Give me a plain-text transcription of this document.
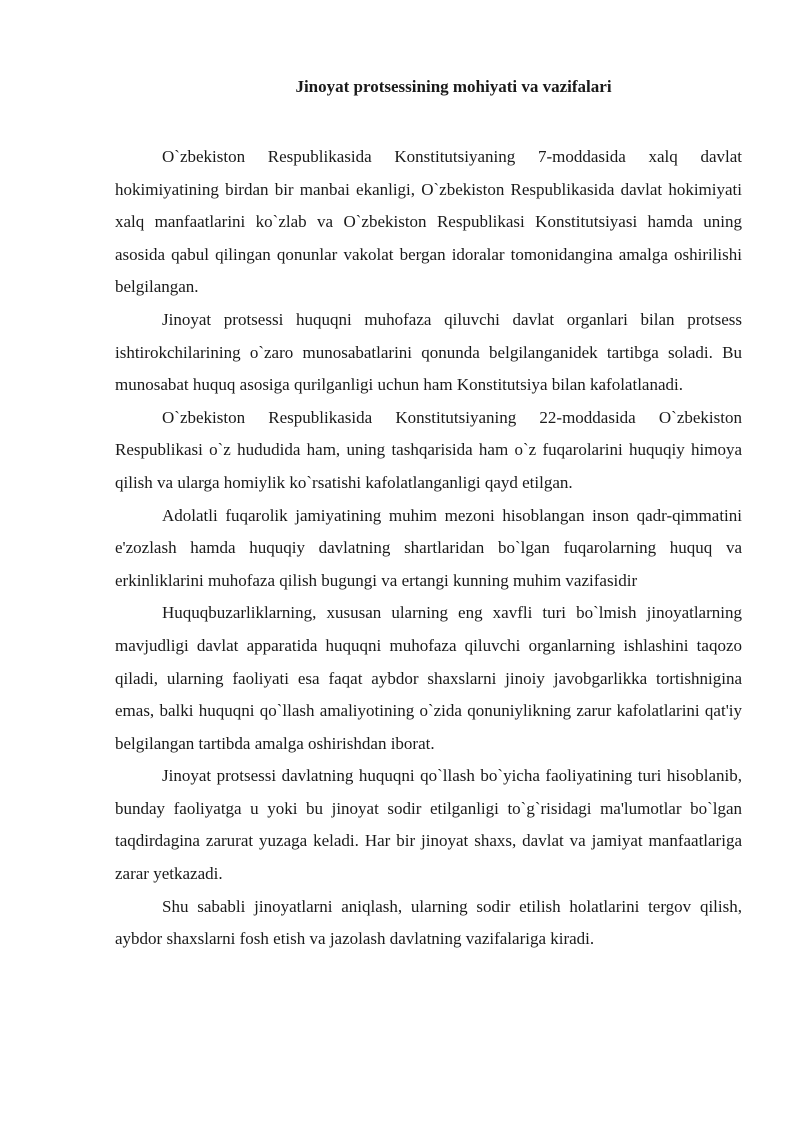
Jinoyat protsessining mohiyati va vazifalari

O`zbekiston Respublikasida Konstitutsiyaning 7-moddasida xalq davlat hokimiyatining birdan bir manbai ekanligi, O`zbekiston Respublikasida davlat hokimiyati xalq manfaatlarini ko`zlab va O`zbekiston Respublikasi Konstitutsiyasi hamda uning asosida qabul qilingan qonunlar vakolat bergan idoralar tomonidangina amalga oshirilishi belgilangan.

Jinoyat protsessi huquqni muhofaza qiluvchi davlat organlari bilan protsess ishtirokchilarining o`zaro munosabatlarini qonunda belgilanganidek tartibga soladi. Bu munosabat huquq asosiga qurilganligi uchun ham Konstitutsiya bilan kafolatlanadi.

O`zbekiston Respublikasida Konstitutsiyaning 22-moddasida O`zbekiston Respublikasi o`z hududida ham, uning tashqarisida ham o`z fuqarolarini huquqiy himoya qilish va ularga homiylik ko`rsatishi kafolatlanganligi qayd etilgan.

Adolatli fuqarolik jamiyatining muhim mezoni hisoblangan inson qadr-qimmatini e'zozlash hamda huquqiy davlatning shartlaridan bo`lgan fuqarolarning huquq va erkinliklarini muhofaza qilish bugungi va ertangi kunning muhim vazifasidir

Huquqbuzarliklarning, xususan ularning eng xavfli turi bo`lmish jinoyatlarning mavjudligi davlat apparatida huquqni muhofaza qiluvchi organlarning ishlashini taqozo qiladi, ularning faoliyati esa faqat aybdor shaxslarni jinoiy javobgarlikka tortishnigina emas, balki huquqni qo`llash amaliyotining o`zida qonuniylikning zarur kafolatlarini qat'iy belgilangan tartibda amalga oshirishdan iborat.

Jinoyat protsessi davlatning huquqni qo`llash bo`yicha faoliyatining turi hisoblanib, bunday faoliyatga u yoki bu jinoyat sodir etilganligi to`g`risidagi ma'lumotlar bo`lgan taqdirdagina zarurat yuzaga keladi. Har bir jinoyat shaxs, davlat va jamiyat manfaatlariga zarar yetkazadi.

Shu sababli jinoyatlarni aniqlash, ularning sodir etilish holatlarini tergov qilish, aybdor shaxslarni fosh etish va jazolash davlatning vazifalariga kiradi.
